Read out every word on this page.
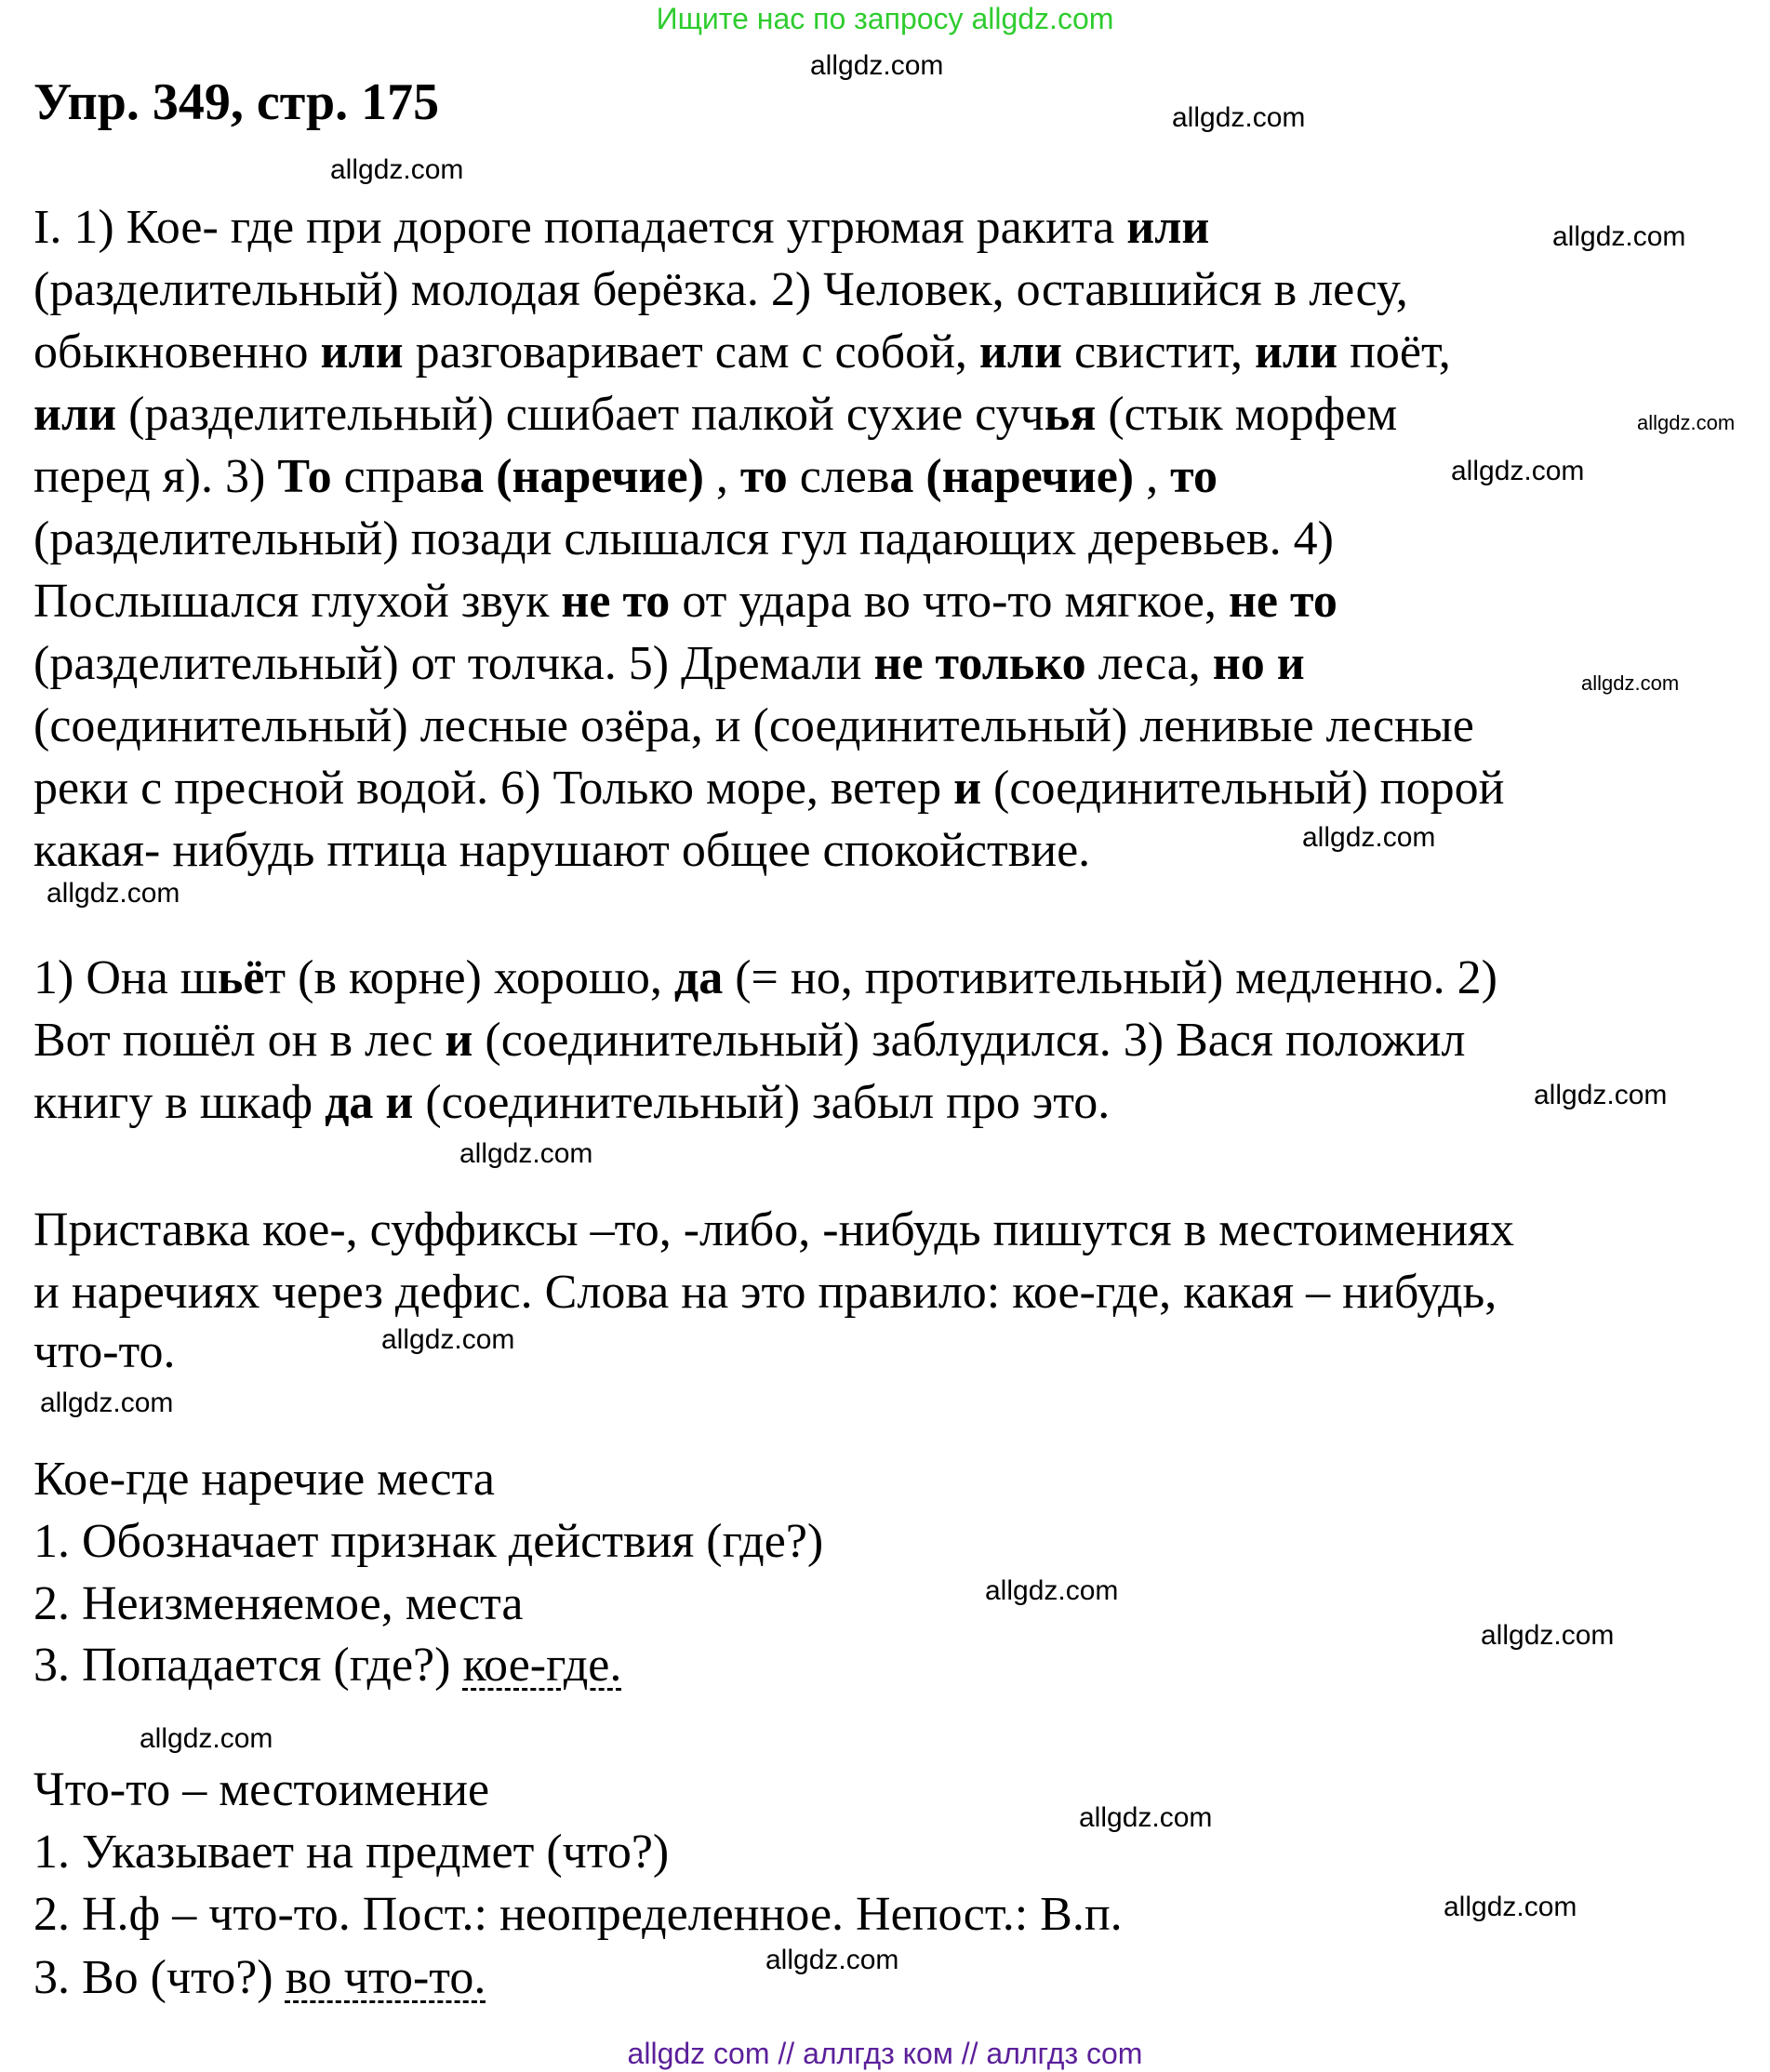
Ищите нас по запросу allgdz.com
Упр. 349, стр. 175
I. 1) Кое- где при дороге попадается угрюмая ракита или
(разделительный) молодая берёзка. 2) Человек, оставшийся в лесу,
обыкновенно или разговаривает сам с собой, или свистит, или поёт,
или (разделительный) сшибает палкой сухие сучья (стык морфем
перед я). 3) То справа (наречие) , то слева (наречие) , то
(разделительный) позади слышался гул падающих деревьев. 4)
Послышался глухой звук не то от удара во что-то мягкое, не то
(разделительный) от толчка. 5) Дремали не только леса, но и
(соединительный) лесные озёра, и (соединительный) ленивые лесные
реки с пресной водой. 6) Только море, ветер и (соединительный) порой
какая- нибудь птица нарушают общее спокойствие.
1) Она шьёт (в корне) хорошо, да (= но, противительный) медленно. 2)
Вот пошёл он в лес и (соединительный) заблудился. 3) Вася положил
книгу в шкаф да и (соединительный) забыл про это.
Приставка кое-, суффиксы –то, -либо, -нибудь пишутся в местоимениях
и наречиях через дефис. Слова на это правило: кое-где, какая – нибудь,
что-то.
Кое-где наречие места
1. Обозначает признак действия (где?)
2. Неизменяемое, места
3. Попадается (где?) кое-где.
Что-то – местоимение
1. Указывает на предмет (что?)
2. Н.ф – что-то. Пост.: неопределенное. Непост.: В.п.
3. Во (что?) во что-то.
allgdz.com
allgdz.com
allgdz.com
allgdz.com
allgdz.com
allgdz.com
allgdz.com
allgdz.com
allgdz.com
allgdz.com
allgdz.com
allgdz.com
allgdz.com
allgdz.com
allgdz.com
allgdz.com
allgdz.com
allgdz.com
allgdz.com
allgdz com // аллгдз ком // аллгдз com
